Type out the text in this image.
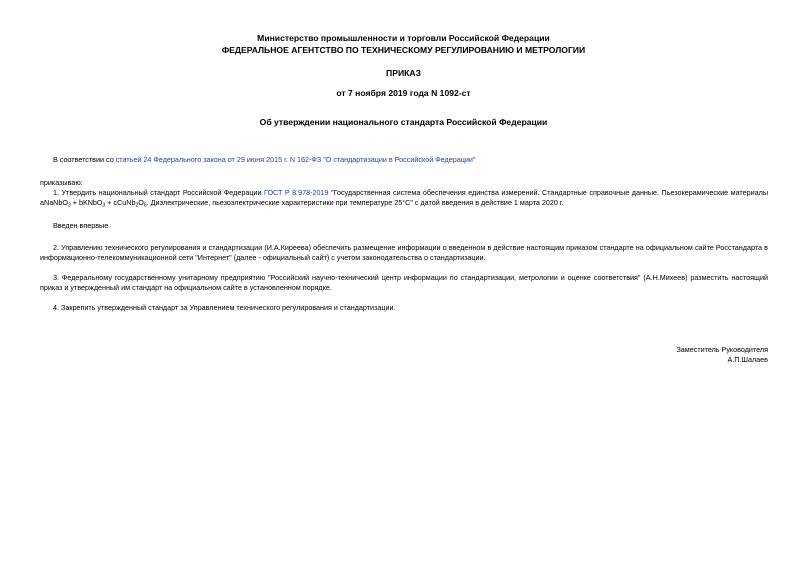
Министерство промышленности и торговли Российской Федерации
ФЕДЕРАЛЬНОЕ АГЕНТСТВО ПО ТЕХНИЧЕСКОМУ РЕГУЛИРОВАНИЮ И МЕТРОЛОГИИ
ПРИКАЗ
от 7 ноября 2019 года N 1092-ст
Об утверждении национального стандарта Российской Федерации
В соответствии со статьей 24 Федерального закона от 29 июня 2015 г. N 162-ФЗ "О стандартизации в Российской Федерации"
приказываю:
1. Утвердить национальный стандарт Российской Федерации ГОСТ Р 8.978-2019 "Государственная система обеспечения единства измерений. Стандартные справочные данные. Пьезокерамические материалы
aNaNbO$_3$ + bKNbO$_3$ + $cCuNb_2O_6$. Диэлектрические, пьезоэлектрические характеристики при температуре 25°С" с датой введения в действие 1 марта 2020 г.
Введен впервые.
2. Управлению технического регулирования и стандартизации (И.А.Киреева) обеспечить размещение информации о введенном в действие настоящим приказом стандарте на официальном сайте Росстандарта в
информационно-телекоммуникационной сети "Интернет" (далее - официальный сайт) с учетом законодательства о стандартизации.
3. Федеральному государственному унитарному предприятию "Российский научно-технический центр информации по стандартизации, метрологии и оценке соответствия" (А.Н.Михеев) разместить настоящий
приказ и утвержденный им стандарт на официальном сайте в установленном порядке.
4. Закрепить утвержденный стандарт за Управлением технического регулирования и стандартизации.
Заместитель Руководителя
А.П.Шалаев
